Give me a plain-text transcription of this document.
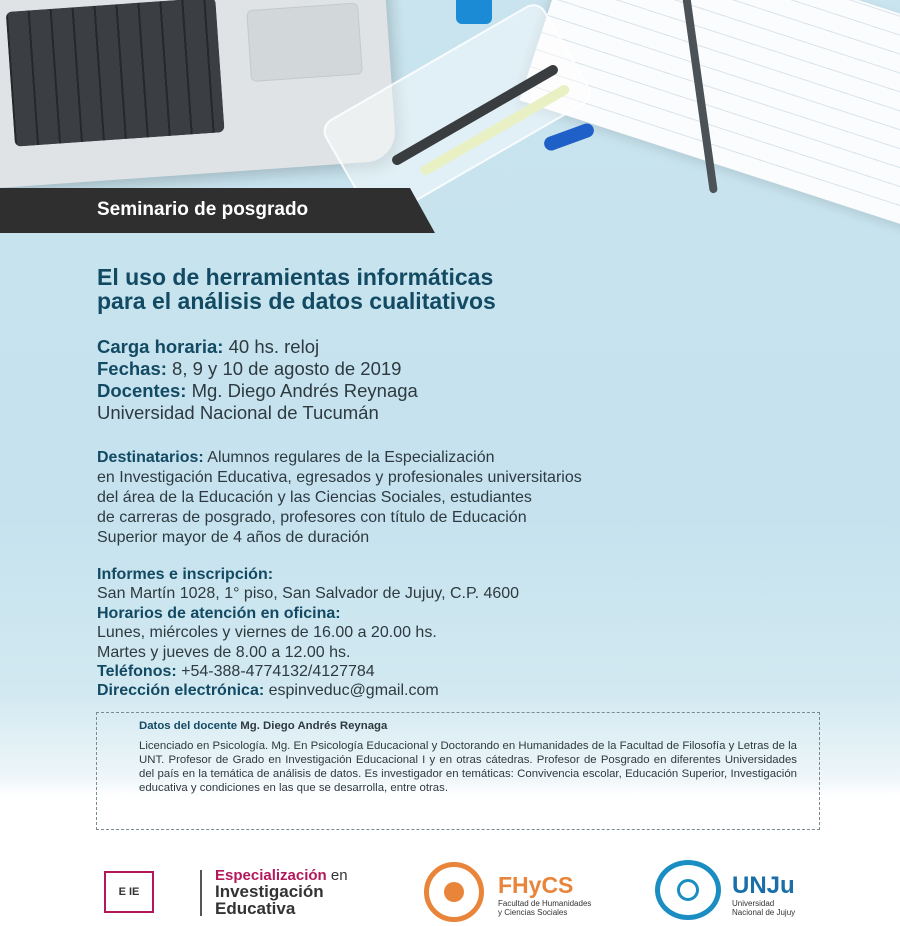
Seminario de posgrado
El uso de herramientas informáticas
para el análisis de datos cualitativos
Carga horaria: 40 hs. reloj
Fechas: 8, 9 y 10 de agosto de 2019
Docentes: Mg. Diego Andrés Reynaga
Universidad Nacional de Tucumán
Destinatarios: Alumnos regulares de la Especialización
en Investigación Educativa, egresados y profesionales universitarios
del área de la Educación y las Ciencias Sociales, estudiantes
de carreras de posgrado, profesores con título de Educación
Superior mayor de 4 años de duración
Informes e inscripción:
San Martín 1028, 1° piso, San Salvador de Jujuy, C.P. 4600
Horarios de atención en oficina:
Lunes, miércoles y viernes de 16.00 a 20.00 hs.
Martes y jueves de 8.00 a 12.00 hs.
Teléfonos: +54-388-4774132/4127784
Dirección electrónica: espinveduc@gmail.com
Datos del docente Mg. Diego Andrés Reynaga
Licenciado en Psicología. Mg. En Psicología Educacional y Doctorando en Humanidades de la Facultad de Filosofía y Letras de la UNT. Profesor de Grado en Investigación Educacional I y en otras cátedras. Profesor de Posgrado en diferentes Universidades del país en la temática de análisis de datos. Es investigador en temáticas: Convivencia escolar, Educación Superior, Investigación educativa y condiciones en las que se desarrolla, entre otras.
E IE
Especialización en
Investigación
Educativa
FHyCS
Facultad de Humanidades
y Ciencias Sociales
UNJu
Universidad
Nacional de Jujuy
